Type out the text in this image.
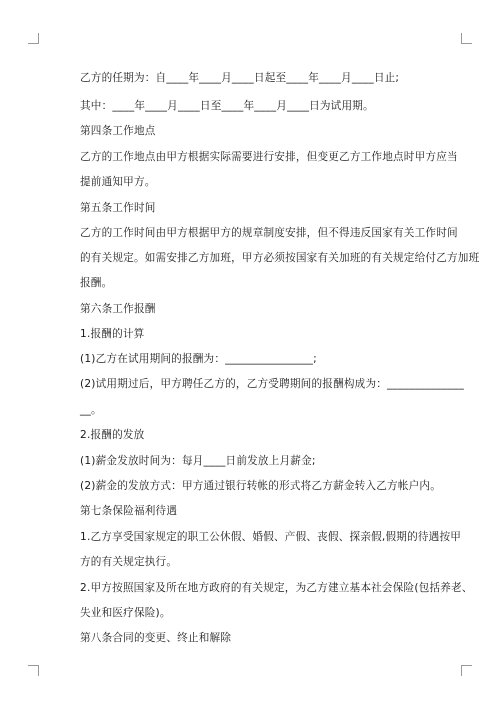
乙方的任期为：自____年____月____日起至____年____月____日止;
其中：____年____月____日至____年____月____日为试用期。
第四条工作地点
乙方的工作地点由甲方根据实际需要进行安排，但变更乙方工作地点时甲方应当
提前通知甲方。
第五条工作时间
乙方的工作时间由甲方根据甲方的规章制度安排，但不得违反国家有关工作时间
的有关规定。如需安排乙方加班，甲方必须按国家有关加班的有关规定给付乙方加班
报酬。
第六条工作报酬
1.报酬的计算
(1)乙方在试用期间的报酬为：________________;
(2)试用期过后，甲方聘任乙方的，乙方受聘期间的报酬构成为：______________
__。
2.报酬的发放
(1)薪金发放时间为：每月____日前发放上月薪金;
(2)薪金的发放方式：甲方通过银行转帐的形式将乙方薪金转入乙方帐户内。
第七条保险福利待遇
1.乙方享受国家规定的职工公休假、婚假、产假、丧假、探亲假,假期的待遇按甲
方的有关规定执行。
2.甲方按照国家及所在地方政府的有关规定，为乙方建立基本社会保险(包括养老、
失业和医疗保险)。
第八条合同的变更、终止和解除
